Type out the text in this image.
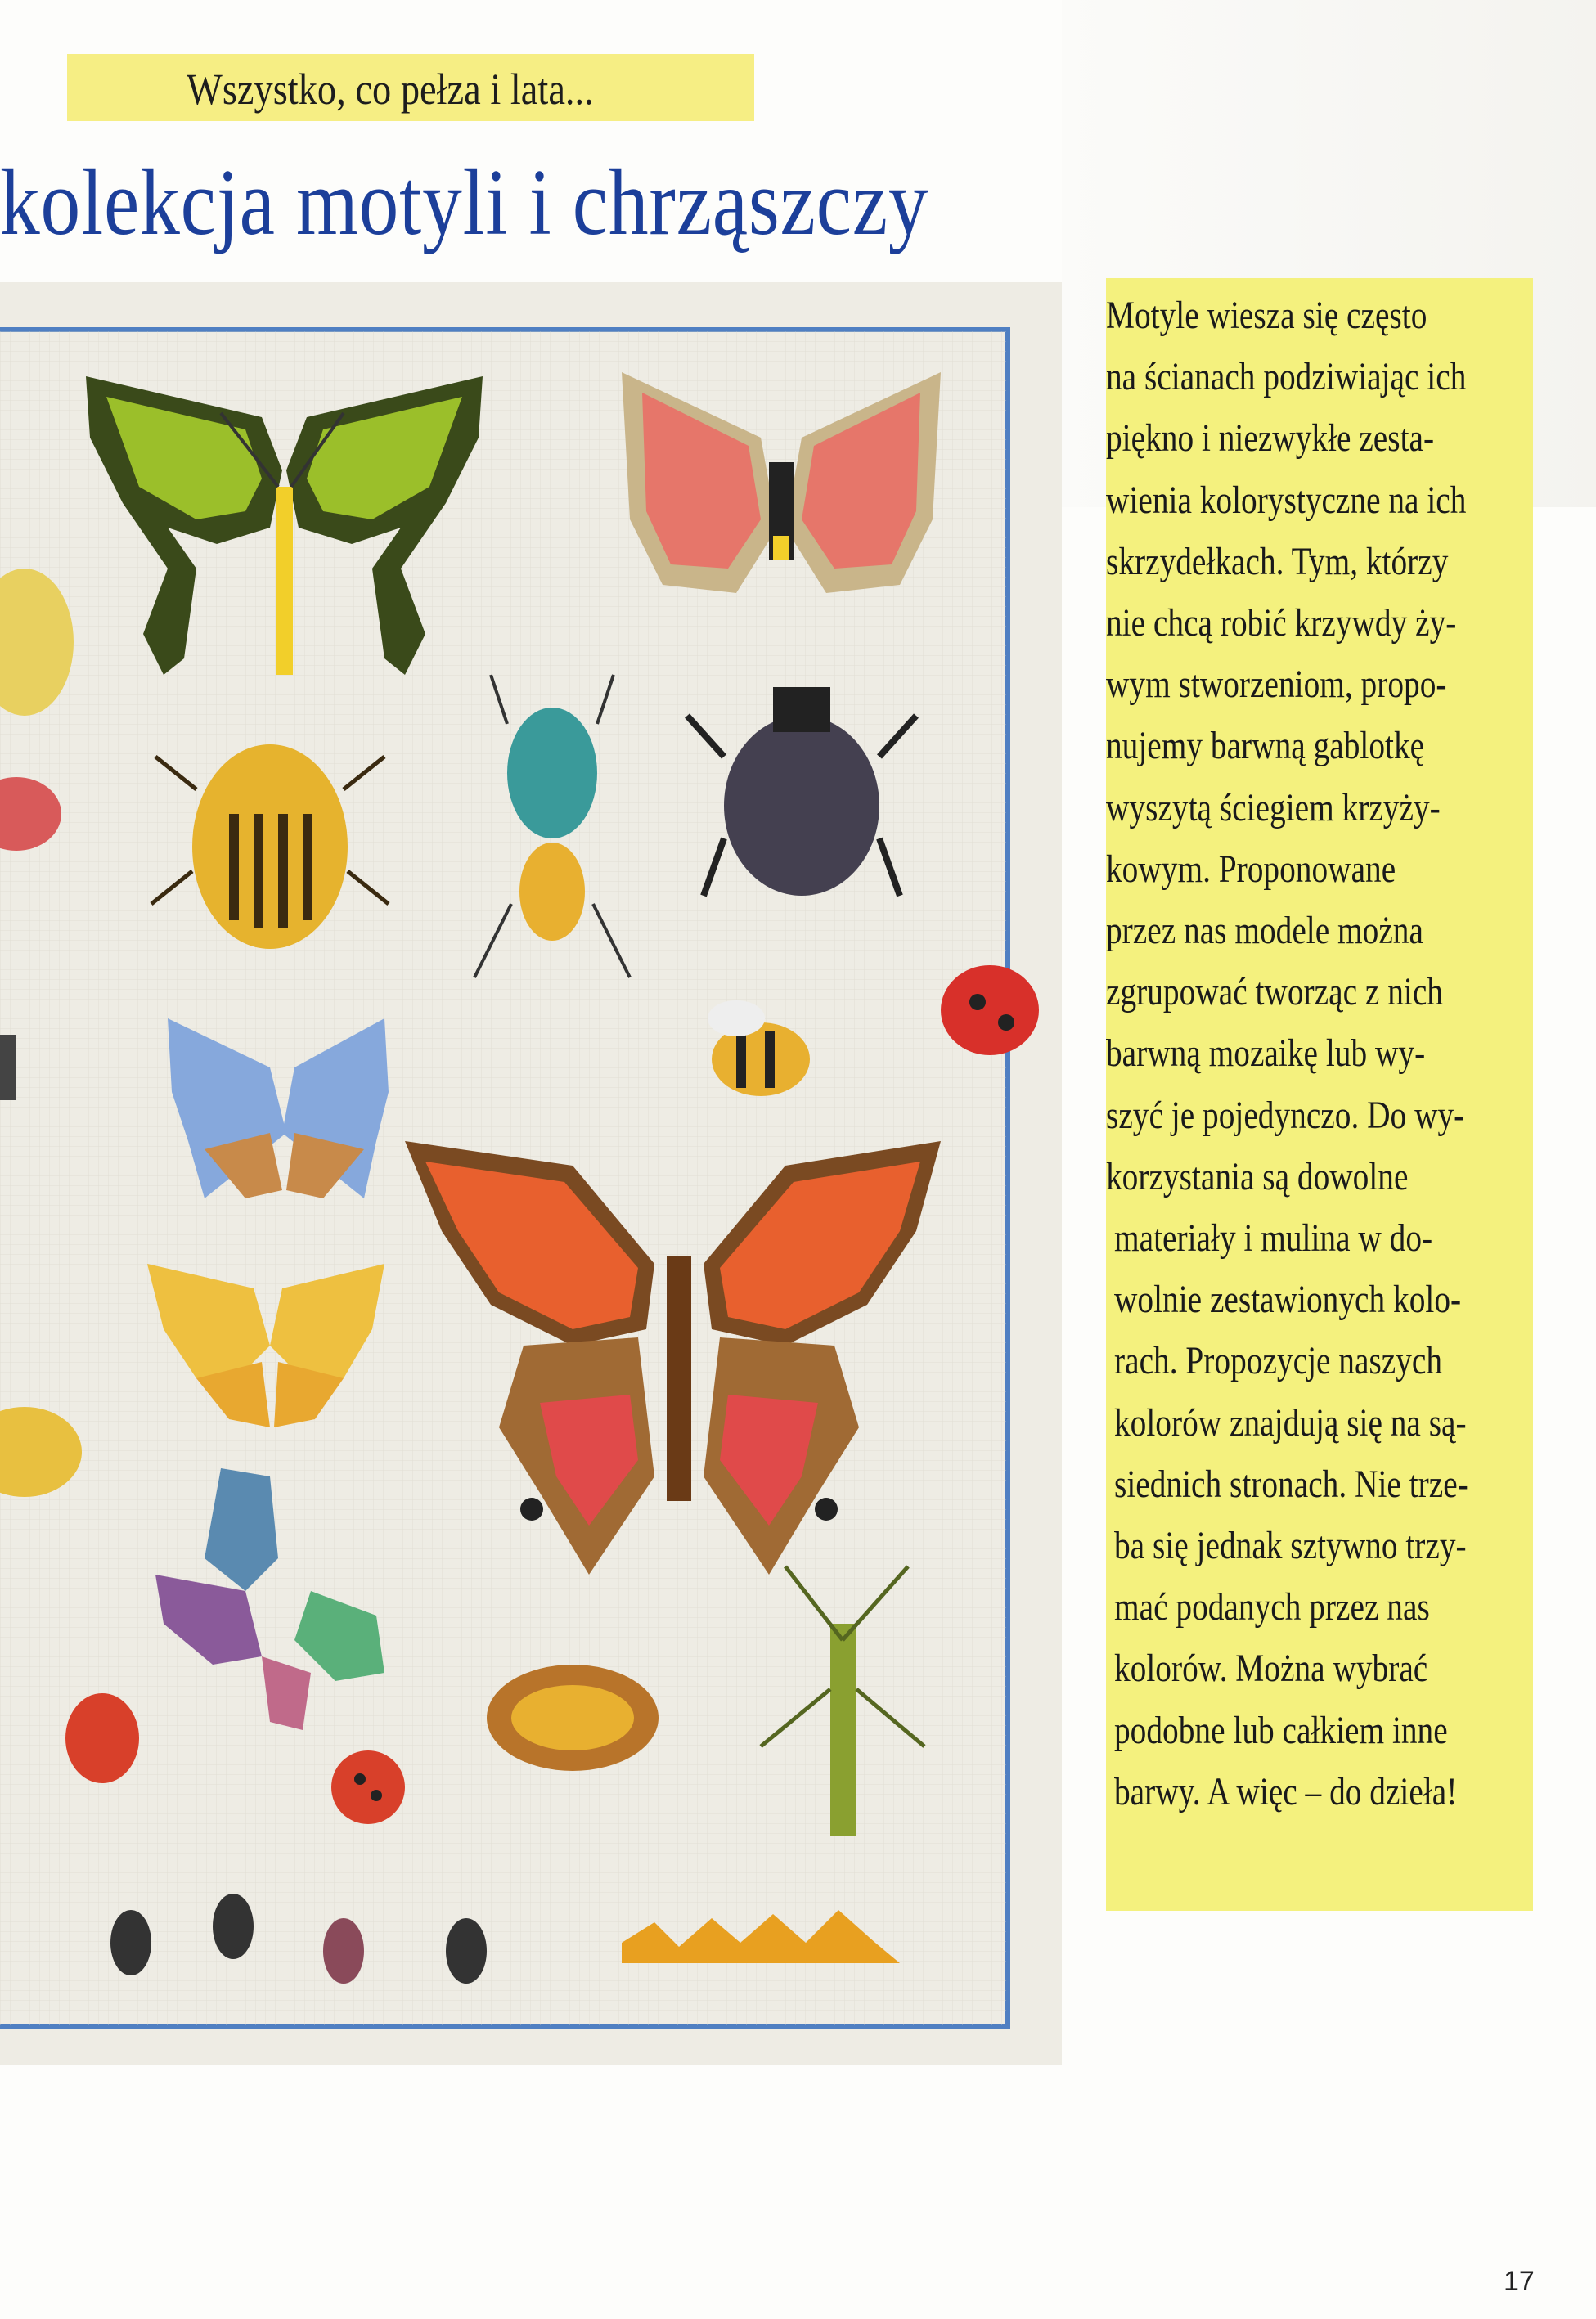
Wszystko, co pełza i lata...
kolekcja motyli i chrząszczy

Motyle wiesza się często
na ścianach podziwiając ich
piękno i niezwykłe zesta-
wienia kolorystyczne na ich
skrzydełkach. Tym, którzy
nie chcą robić krzywdy ży-
wym stworzeniom, propo-
nujemy barwną gablotkę
wyszytą ściegiem krzyży-
kowym. Proponowane
przez nas modele można
zgrupować tworząc z nich
barwną mozaikę lub wy-
szyć je pojedynczo. Do wy-
korzystania są dowolne
materiały i mulina w do-
wolnie zestawionych kolo-
rach. Propozycje naszych
kolorów znajdują się na są-
siednich stronach. Nie trze-
ba się jednak sztywno trzy-
mać podanych przez nas
kolorów. Można wybrać
podobne lub całkiem inne
barwy. A więc – do dzieła!

17
